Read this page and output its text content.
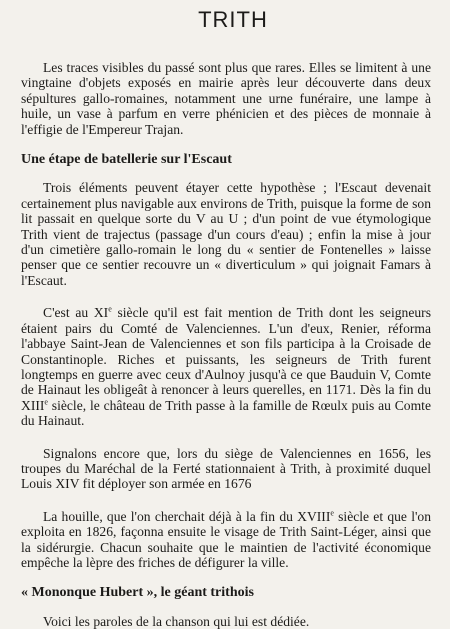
TRITH

Les traces visibles du passé sont plus que rares. Elles se limitent à une vingtaine d'objets exposés en mairie après leur découverte dans deux sépultures gallo-romaines, notamment une urne funéraire, une lampe à huile, un vase à parfum en verre phénicien et des pièces de monnaie à l'effigie de l'Empereur Trajan.

Une étape de batellerie sur l'Escaut

Trois éléments peuvent étayer cette hypothèse ; l'Escaut devenait certainement plus navigable aux environs de Trith, puisque la forme de son lit passait en quelque sorte du V au U ; d'un point de vue étymologique Trith vient de trajectus (passage d'un cours d'eau) ; enfin la mise à jour d'un cimetière gallo-romain le long du « sentier de Fontenelles » laisse penser que ce sentier recouvre un « diverticulum » qui joignait Famars à l'Escaut.

C'est au XIe siècle qu'il est fait mention de Trith dont les seigneurs étaient pairs du Comté de Valenciennes. L'un d'eux, Renier, réforma l'abbaye Saint-Jean de Valenciennes et son fils participa à la Croisade de Constantinople. Riches et puissants, les seigneurs de Trith furent longtemps en guerre avec ceux d'Aulnoy jusqu'à ce que Bauduin V, Comte de Hainaut les obligeât à renoncer à leurs querelles, en 1171. Dès la fin du XIIIe siècle, le château de Trith passe à la famille de Rœulx puis au Comte du Hainaut.

Signalons encore que, lors du siège de Valenciennes en 1656, les troupes du Maréchal de la Ferté stationnaient à Trith, à proximité duquel Louis XIV fit déployer son armée en 1676

La houille, que l'on cherchait déjà à la fin du XVIIIe siècle et que l'on exploita en 1826, façonna ensuite le visage de Trith Saint-Léger, ainsi que la sidérurgie. Chacun souhaite que le maintien de l'activité économique empêche la lèpre des friches de défigurer la ville.

« Mononque Hubert », le géant trithois

Voici les paroles de la chanson qui lui est dédiée.
